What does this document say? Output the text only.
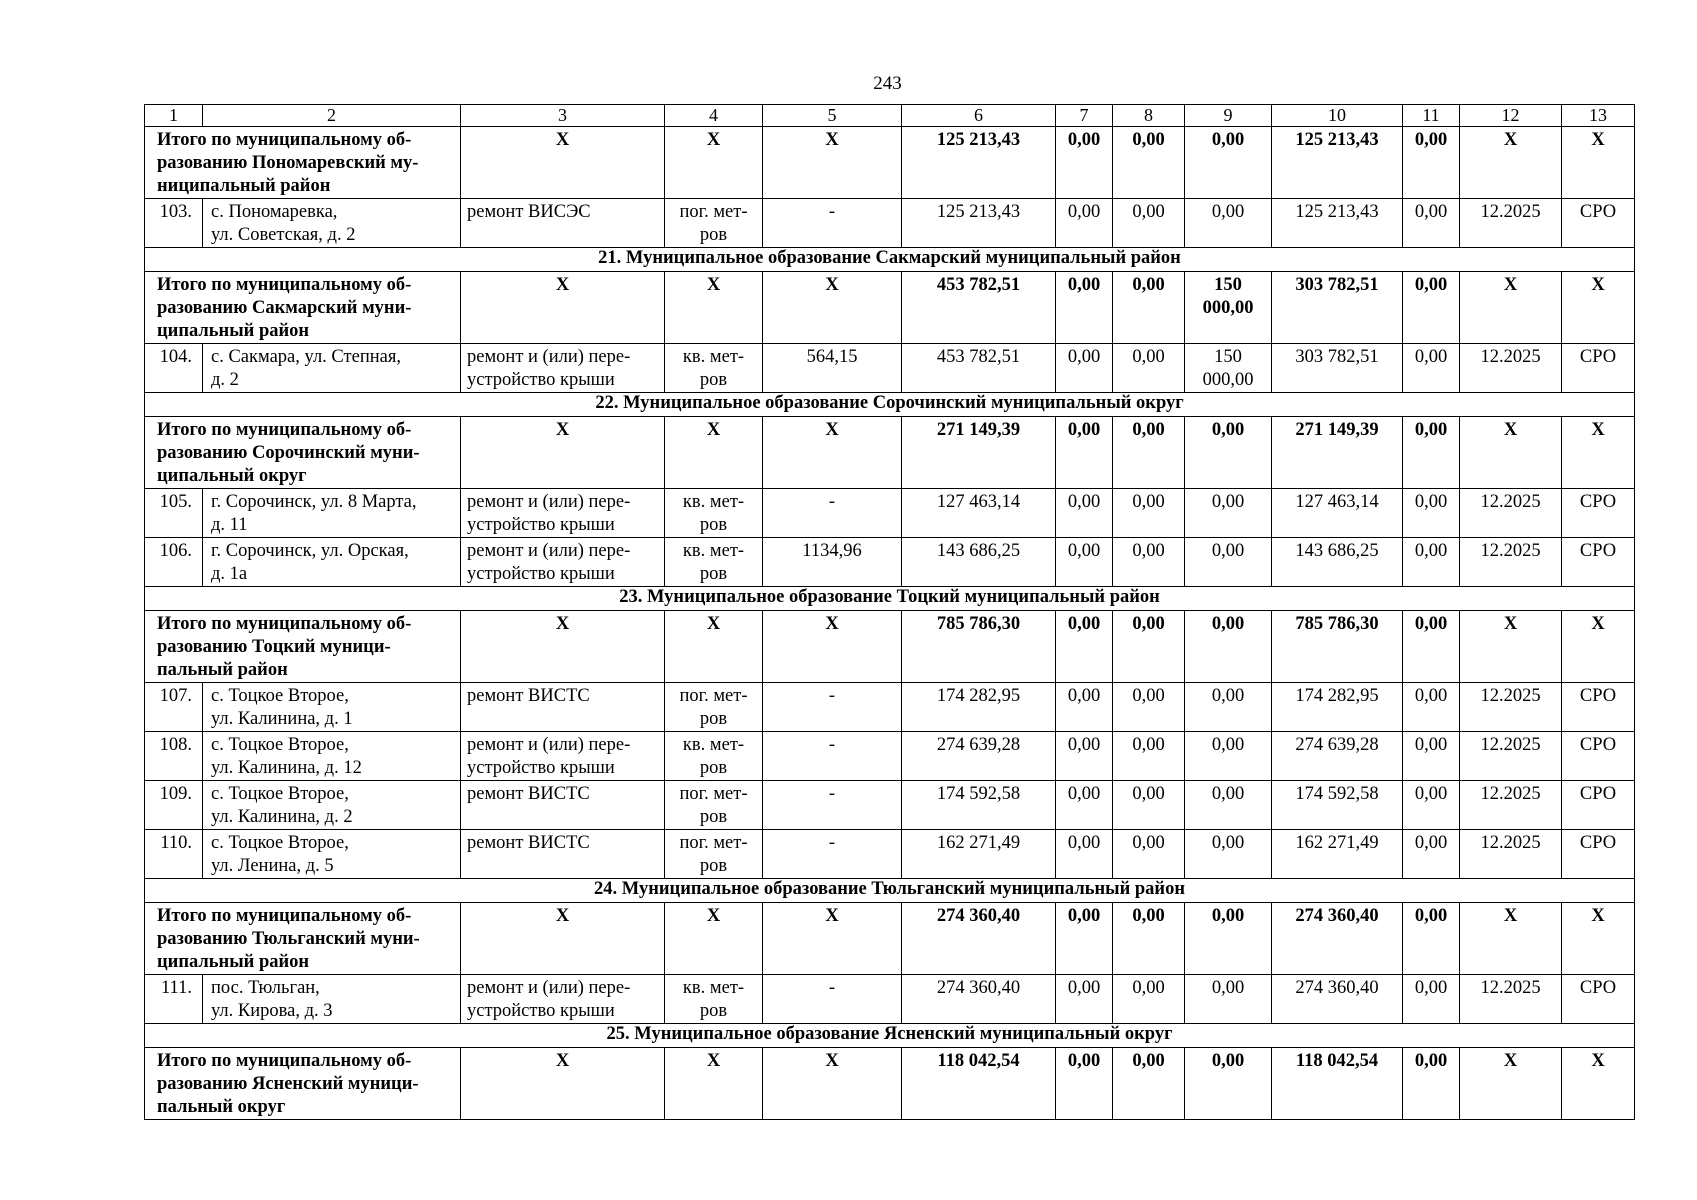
243
1	2	3	4	5	6	7	8	9	10	11	12	13

Итого по муниципальному об-
разованию Пономаревский му-
ниципальный район		X	X	X	125 213,43	0,00	0,00	0,00	125 213,43	0,00	X	X
103.	с. Пономаревка,
ул. Советская, д. 2	ремонт ВИСЭС	пог. мет-
ров	-	125 213,43	0,00	0,00	0,00	125 213,43	0,00	12.2025	СРО
21. Муниципальное образование Сакмарский муниципальный район												

Итого по муниципальному об-
разованию Сакмарский муни-
ципальный район		X	X	X	453 782,51	0,00	0,00	150
000,00	303 782,51	0,00	X	X
104.	с. Сакмара, ул. Степная,
д. 2	ремонт и (или) пере-
устройство крыши	кв. мет-
ров	564,15	453 782,51	0,00	0,00	150
000,00	303 782,51	0,00	12.2025	СРО
22. Муниципальное образование Сорочинский муниципальный округ												

Итого по муниципальному об-
разованию Сорочинский муни-
ципальный округ		X	X	X	271 149,39	0,00	0,00	0,00	271 149,39	0,00	X	X
105.	г. Сорочинск, ул. 8 Марта,
д. 11	ремонт и (или) пере-
устройство крыши	кв. мет-
ров	-	127 463,14	0,00	0,00	0,00	127 463,14	0,00	12.2025	СРО
106.	г. Сорочинск, ул. Орская,
д. 1а	ремонт и (или) пере-
устройство крыши	кв. мет-
ров	1134,96	143 686,25	0,00	0,00	0,00	143 686,25	0,00	12.2025	СРО
23. Муниципальное образование Тоцкий муниципальный район												

Итого по муниципальному об-
разованию Тоцкий муници-
пальный район		X	X	X	785 786,30	0,00	0,00	0,00	785 786,30	0,00	X	X
107.	с. Тоцкое Второе,
ул. Калинина, д. 1	ремонт ВИСТС	пог. мет-
ров	-	174 282,95	0,00	0,00	0,00	174 282,95	0,00	12.2025	СРО
108.	с. Тоцкое Второе,
ул. Калинина, д. 12	ремонт и (или) пере-
устройство крыши	кв. мет-
ров	-	274 639,28	0,00	0,00	0,00	274 639,28	0,00	12.2025	СРО
109.	с. Тоцкое Второе,
ул. Калинина, д. 2	ремонт ВИСТС	пог. мет-
ров	-	174 592,58	0,00	0,00	0,00	174 592,58	0,00	12.2025	СРО
110.	с. Тоцкое Второе,
ул. Ленина, д. 5	ремонт ВИСТС	пог. мет-
ров	-	162 271,49	0,00	0,00	0,00	162 271,49	0,00	12.2025	СРО
24. Муниципальное образование Тюльганский муниципальный район												

Итого по муниципальному об-
разованию Тюльганский муни-
ципальный район		X	X	X	274 360,40	0,00	0,00	0,00	274 360,40	0,00	X	X
111.	пос. Тюльган,
ул. Кирова, д. 3	ремонт и (или) пере-
устройство крыши	кв. мет-
ров	-	274 360,40	0,00	0,00	0,00	274 360,40	0,00	12.2025	СРО
25. Муниципальное образование Ясненский муниципальный округ												

Итого по муниципальному об-
разованию Ясненский муници-
пальный округ		X	X	X	118 042,54	0,00	0,00	0,00	118 042,54	0,00	X	X
